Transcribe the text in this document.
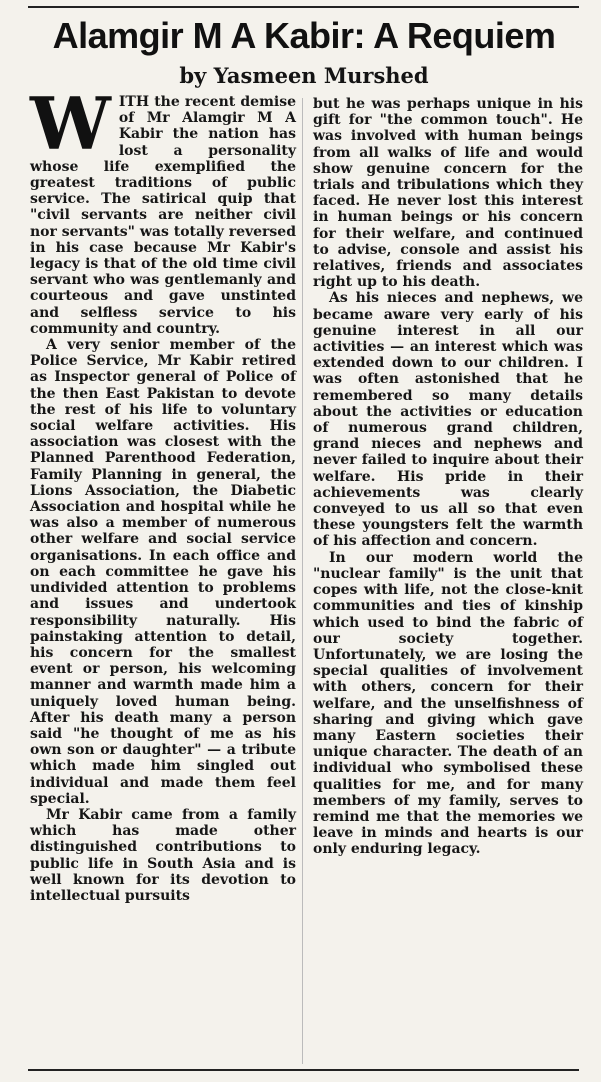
Alamgir M A Kabir: A Requiem
by Yasmeen Murshed

WITH the recent demise of Mr Alamgir M A Kabir the nation has lost a personality whose life exemplified the greatest traditions of public service. The satirical quip that "civil servants are neither civil nor servants" was totally reversed in his case because Mr Kabir's legacy is that of the old time civil servant who was gentlemanly and courteous and gave unstinted and selfless service to his community and country.

A very senior member of the Police Service, Mr Kabir retired as Inspector general of Police of the then East Pakistan to devote the rest of his life to voluntary social welfare activities. His association was closest with the Planned Parenthood Federation, Family Planning in general, the Lions Association, the Diabetic Association and hospital while he was also a member of numerous other welfare and social service organisations. In each office and on each committee he gave his undivided attention to problems and issues and undertook responsibility naturally. His painstaking attention to detail, his concern for the smallest event or person, his welcoming manner and warmth made him a uniquely loved human being. After his death many a person said "he thought of me as his own son or daughter" — a tribute which made him singled out individual and made them feel special.

Mr Kabir came from a family which has made other distinguished contributions to public life in South Asia and is well known for its devotion to intellectual pursuits

but he was perhaps unique in his gift for "the common touch". He was involved with human beings from all walks of life and would show genuine concern for the trials and tribulations which they faced. He never lost this interest in human beings or his concern for their welfare, and continued to advise, console and assist his relatives, friends and associates right up to his death.

As his nieces and nephews, we became aware very early of his genuine interest in all our activities — an interest which was extended down to our children. I was often astonished that he remembered so many details about the activities or education of numerous grand children, grand nieces and nephews and never failed to inquire about their welfare. His pride in their achievements was clearly conveyed to us all so that even these youngsters felt the warmth of his affection and concern.

In our modern world the "nuclear family" is the unit that copes with life, not the close-knit communities and ties of kinship which used to bind the fabric of our society together. Unfortunately, we are losing the special qualities of involvement with others, concern for their welfare, and the unselfishness of sharing and giving which gave many Eastern societies their unique character. The death of an individual who symbolised these qualities for me, and for many members of my family, serves to remind me that the memories we leave in minds and hearts is our only enduring legacy.
